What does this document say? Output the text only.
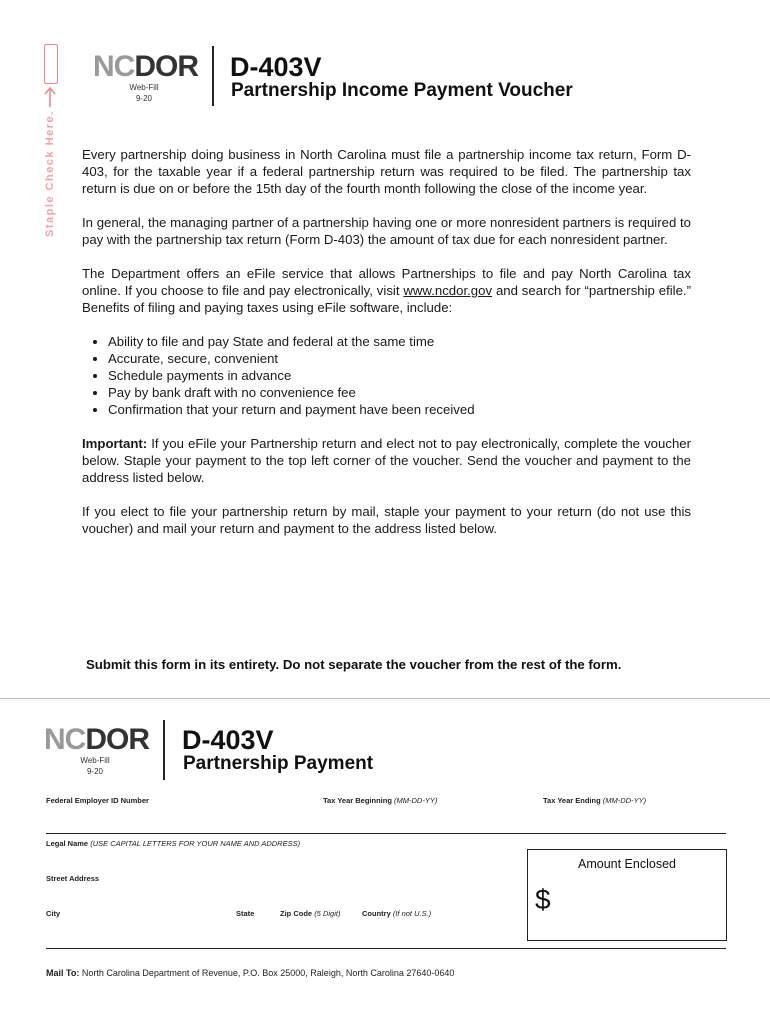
Staple Check Here.
NCDOR
Web-Fill
9-20
D-403V
Partnership Income Payment Voucher

Every partnership doing business in North Carolina must file a partnership income tax return, Form D-403, for the taxable year if a federal partnership return was required to be filed. The partnership tax return is due on or before the 15th day of the fourth month following the close of the income year.

In general, the managing partner of a partnership having one or more nonresident partners is required to pay with the partnership tax return (Form D-403) the amount of tax due for each nonresident partner.

The Department offers an eFile service that allows Partnerships to file and pay North Carolina tax online. If you choose to file and pay electronically, visit www.ncdor.gov and search for “partnership efile.” Benefits of filing and paying taxes using eFile software, include:

• Ability to file and pay State and federal at the same time
• Accurate, secure, convenient
• Schedule payments in advance
• Pay by bank draft with no convenience fee
• Confirmation that your return and payment have been received

Important: If you eFile your Partnership return and elect not to pay electronically, complete the voucher below. Staple your payment to the top left corner of the voucher. Send the voucher and payment to the address listed below.

If you elect to file your partnership return by mail, staple your payment to your return (do not use this voucher) and mail your return and payment to the address listed below.

Submit this form in its entirety. Do not separate the voucher from the rest of the form.
NCDOR
Web-Fill
9-20
D-403V
Partnership Payment
Federal Employer ID Number	Tax Year Beginning (MM-DD-YY)	Tax Year Ending (MM-DD-YY)
Legal Name (USE CAPITAL LETTERS FOR YOUR NAME AND ADDRESS)
Street Address
City	State	Zip Code (5 Digit)	Country (If not U.S.)
Amount Enclosed
$
Mail To: North Carolina Department of Revenue, P.O. Box 25000, Raleigh, North Carolina 27640-0640
